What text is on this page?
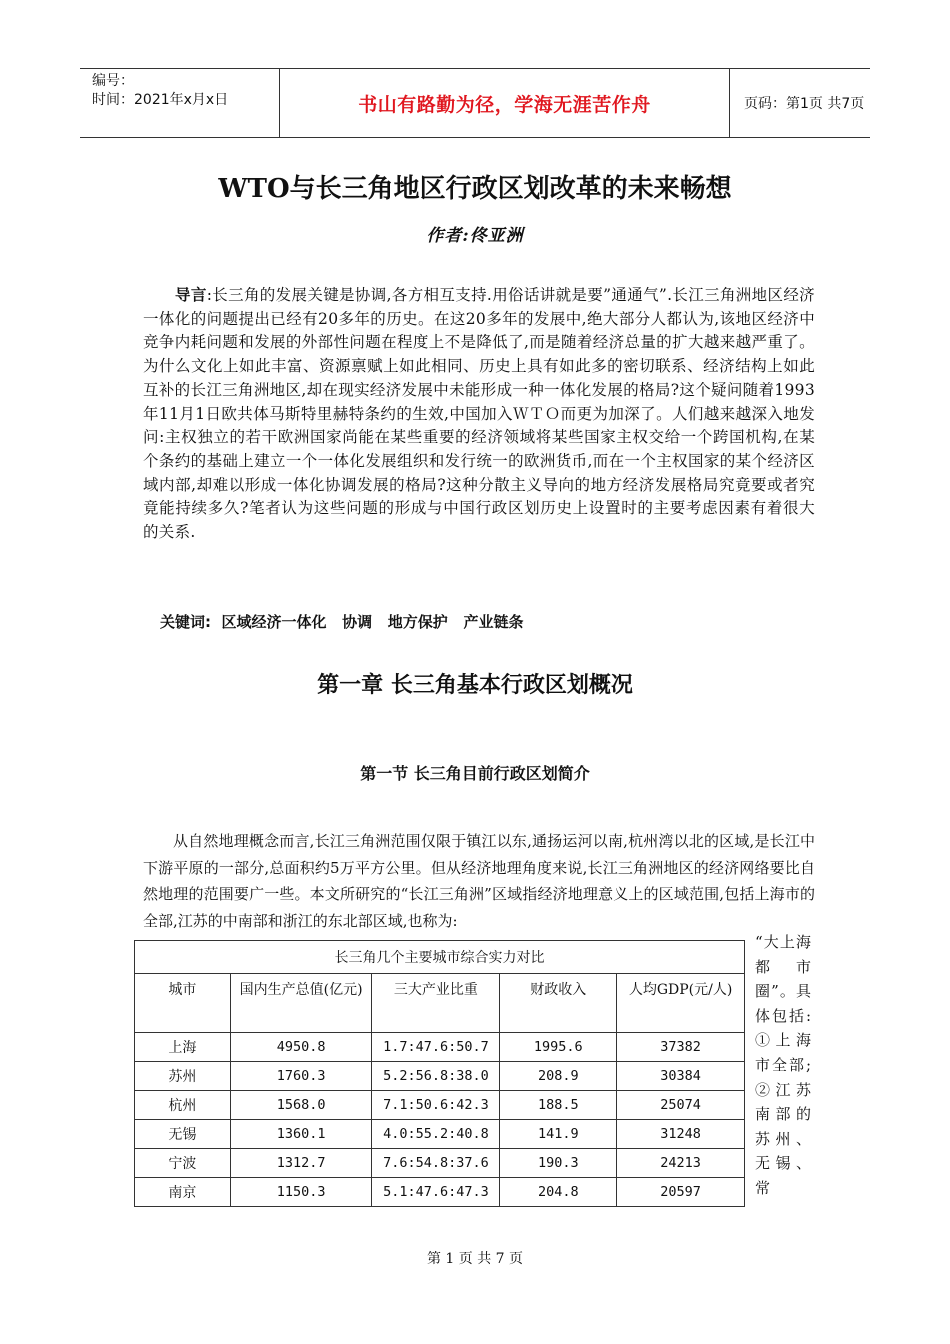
编号：
时间：2021年x月x日	书山有路勤为径，学海无涯苦作舟	页码：第1页 共7页
WTO与长三角地区行政区划改革的未来畅想
作者:佟亚洲

导言:长三角的发展关键是协调,各方相互支持.用俗话讲就是要”通通气”.长江三角洲地区经济一体化的问题提出已经有20多年的历史。在这20多年的发展中,绝大部分人都认为,该地区经济中竞争内耗问题和发展的外部性问题在程度上不是降低了,而是随着经济总量的扩大越来越严重了。为什么文化上如此丰富、资源禀赋上如此相同、历史上具有如此多的密切联系、经济结构上如此互补的长江三角洲地区,却在现实经济发展中未能形成一种一体化发展的格局?这个疑问随着1993年11月1日欧共体马斯特里赫特条约的生效,中国加入ＷＴＯ而更为加深了。人们越来越深入地发问:主权独立的若干欧洲国家尚能在某些重要的经济领域将某些国家主权交给一个跨国机构,在某个条约的基础上建立一个一体化发展组织和发行统一的欧洲货币,而在一个主权国家的某个经济区域内部,却难以形成一体化协调发展的格局?这种分散主义导向的地方经济发展格局究竟要或者究竟能持续多久?笔者认为这些问题的形成与中国行政区划历史上设置时的主要考虑因素有着很大的关系.

关键词:  区域经济一体化   协调   地方保护   产业链条
第一章 长三角基本行政区划概况
第一节 长三角目前行政区划简介

从自然地理概念而言,长江三角洲范围仅限于镇江以东,通扬运河以南,杭州湾以北的区域,是长江中下游平原的一部分,总面积约5万平方公里。但从经济地理角度来说,长江三角洲地区的经济网络要比自然地理的范围要广一些。本文所研究的“长江三角洲”区域指经济地理意义上的区域范围,包括上海市的全部,江苏的中南部和浙江的东北部区域,也称为:

长三角几个主要城市综合实力对比				
城市	国内生产总值(亿元)	三大产业比重	财政收入	人均GDP(元/人)
上海	4950.8	1.7:47.6:50.7	1995.6	37382
苏州	1760.3	5.2:56.8:38.0	208.9	30384
杭州	1568.0	7.1:50.6:42.3	188.5	25074
无锡	1360.1	4.0:55.2:40.8	141.9	31248
宁波	1312.7	7.6:54.8:37.6	190.3	24213
南京	1150.3	5.1:47.6:47.3	204.8	20597
“大上海都市圈”。具体包括:①上海市全部;②江苏南部的苏州、无锡、常
第 1 页 共 7 页
